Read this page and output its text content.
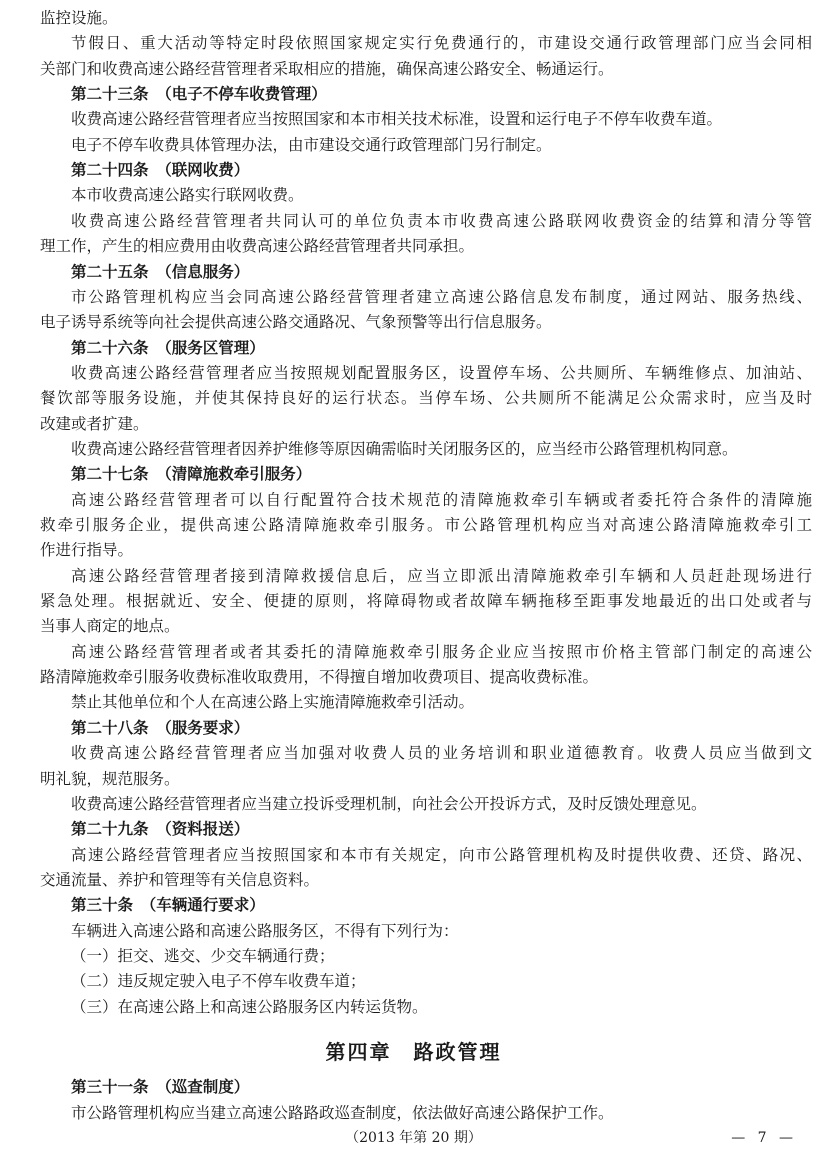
监控设施。
节假日、重大活动等特定时段依照国家规定实行免费通行的，市建设交通行政管理部门应当会同相
关部门和收费高速公路经营管理者采取相应的措施，确保高速公路安全、畅通运行。
第二十三条　（电子不停车收费管理）
收费高速公路经营管理者应当按照国家和本市相关技术标准，设置和运行电子不停车收费车道。
电子不停车收费具体管理办法，由市建设交通行政管理部门另行制定。
第二十四条　（联网收费）
本市收费高速公路实行联网收费。
收费高速公路经营管理者共同认可的单位负责本市收费高速公路联网收费资金的结算和清分等管
理工作，产生的相应费用由收费高速公路经营管理者共同承担。
第二十五条　（信息服务）
市公路管理机构应当会同高速公路经营管理者建立高速公路信息发布制度，通过网站、服务热线、
电子诱导系统等向社会提供高速公路交通路况、气象预警等出行信息服务。
第二十六条　（服务区管理）
收费高速公路经营管理者应当按照规划配置服务区，设置停车场、公共厕所、车辆维修点、加油站、
餐饮部等服务设施，并使其保持良好的运行状态。当停车场、公共厕所不能满足公众需求时，应当及时
改建或者扩建。
收费高速公路经营管理者因养护维修等原因确需临时关闭服务区的，应当经市公路管理机构同意。
第二十七条　（清障施救牵引服务）
高速公路经营管理者可以自行配置符合技术规范的清障施救牵引车辆或者委托符合条件的清障施
救牵引服务企业，提供高速公路清障施救牵引服务。市公路管理机构应当对高速公路清障施救牵引工
作进行指导。
高速公路经营管理者接到清障救援信息后，应当立即派出清障施救牵引车辆和人员赶赴现场进行
紧急处理。根据就近、安全、便捷的原则，将障碍物或者故障车辆拖移至距事发地最近的出口处或者与
当事人商定的地点。
高速公路经营管理者或者其委托的清障施救牵引服务企业应当按照市价格主管部门制定的高速公
路清障施救牵引服务收费标准收取费用，不得擅自增加收费项目、提高收费标准。
禁止其他单位和个人在高速公路上实施清障施救牵引活动。
第二十八条　（服务要求）
收费高速公路经营管理者应当加强对收费人员的业务培训和职业道德教育。收费人员应当做到文
明礼貌，规范服务。
收费高速公路经营管理者应当建立投诉受理机制，向社会公开投诉方式，及时反馈处理意见。
第二十九条　（资料报送）
高速公路经营管理者应当按照国家和本市有关规定，向市公路管理机构及时提供收费、还贷、路况、
交通流量、养护和管理等有关信息资料。
第三十条　（车辆通行要求）
车辆进入高速公路和高速公路服务区，不得有下列行为：
（一）拒交、逃交、少交车辆通行费；
（二）违反规定驶入电子不停车收费车道；
（三）在高速公路上和高速公路服务区内转运货物。
第四章　路政管理
第三十一条　（巡查制度）
市公路管理机构应当建立高速公路路政巡查制度，依法做好高速公路保护工作。
（2013 年第 20 期）	— 7 —
